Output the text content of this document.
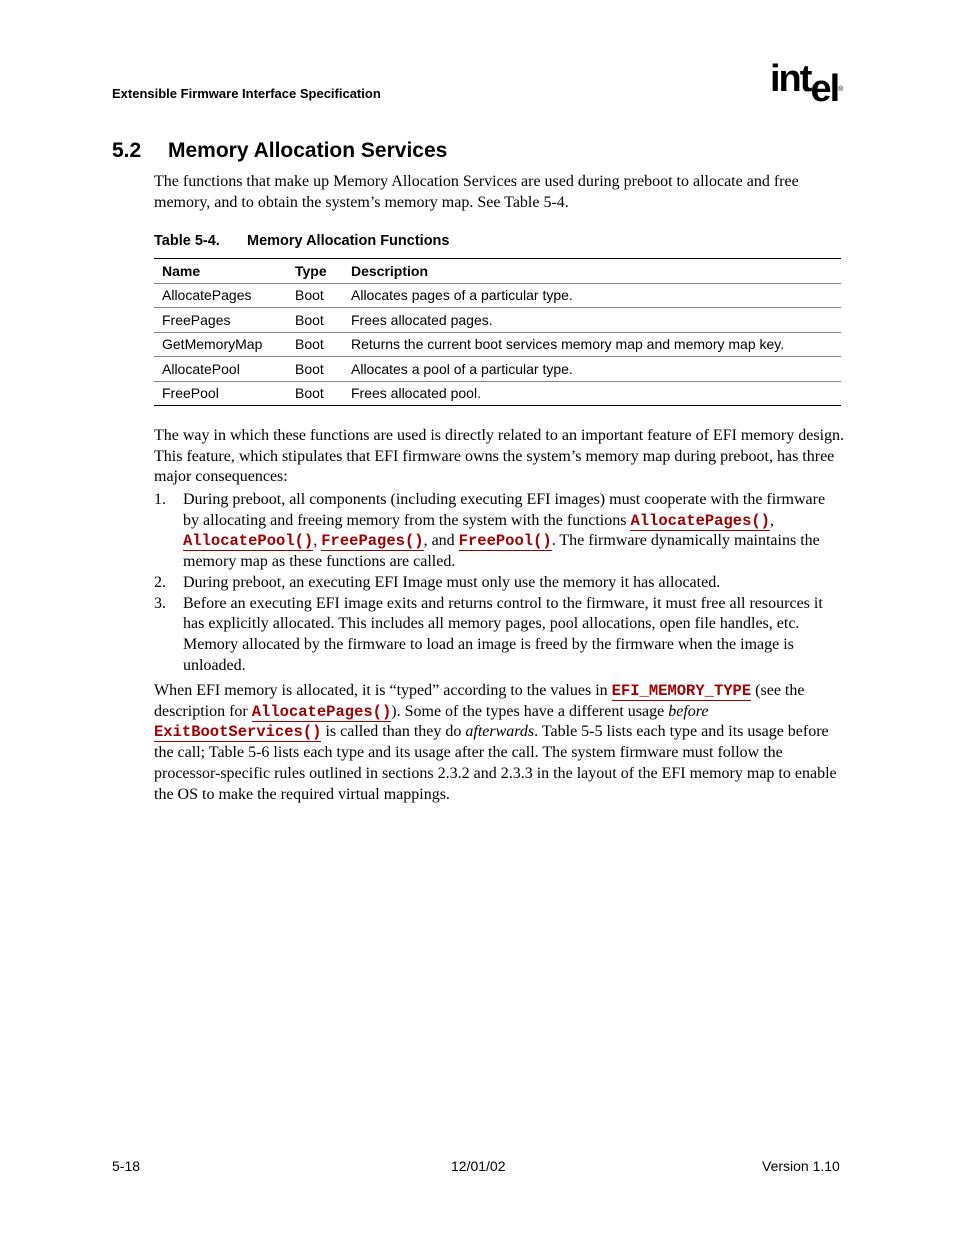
Extensible Firmware Interface Specification	intel®
5.2 Memory Allocation Services
The functions that make up Memory Allocation Services are used during preboot to allocate and free memory, and to obtain the system’s memory map. See Table 5-4.
Table 5-4. Memory Allocation Functions
Name	Type	Description
AllocatePages	Boot	Allocates pages of a particular type.
FreePages	Boot	Frees allocated pages.
GetMemoryMap	Boot	Returns the current boot services memory map and memory map key.
AllocatePool	Boot	Allocates a pool of a particular type.
FreePool	Boot	Frees allocated pool.
The way in which these functions are used is directly related to an important feature of EFI memory design. This feature, which stipulates that EFI firmware owns the system’s memory map during preboot, has three major consequences:
1. During preboot, all components (including executing EFI images) must cooperate with the firmware by allocating and freeing memory from the system with the functions AllocatePages(), AllocatePool(), FreePages(), and FreePool(). The firmware dynamically maintains the memory map as these functions are called.
2. During preboot, an executing EFI Image must only use the memory it has allocated.
3. Before an executing EFI image exits and returns control to the firmware, it must free all resources it has explicitly allocated. This includes all memory pages, pool allocations, open file handles, etc. Memory allocated by the firmware to load an image is freed by the firmware when the image is unloaded.
When EFI memory is allocated, it is “typed” according to the values in EFI_MEMORY_TYPE (see the description for AllocatePages()). Some of the types have a different usage before ExitBootServices() is called than they do afterwards. Table 5-5 lists each type and its usage before the call; Table 5-6 lists each type and its usage after the call. The system firmware must follow the processor-specific rules outlined in sections 2.3.2 and 2.3.3 in the layout of the EFI memory map to enable the OS to make the required virtual mappings.
5-18	12/01/02	Version 1.10
